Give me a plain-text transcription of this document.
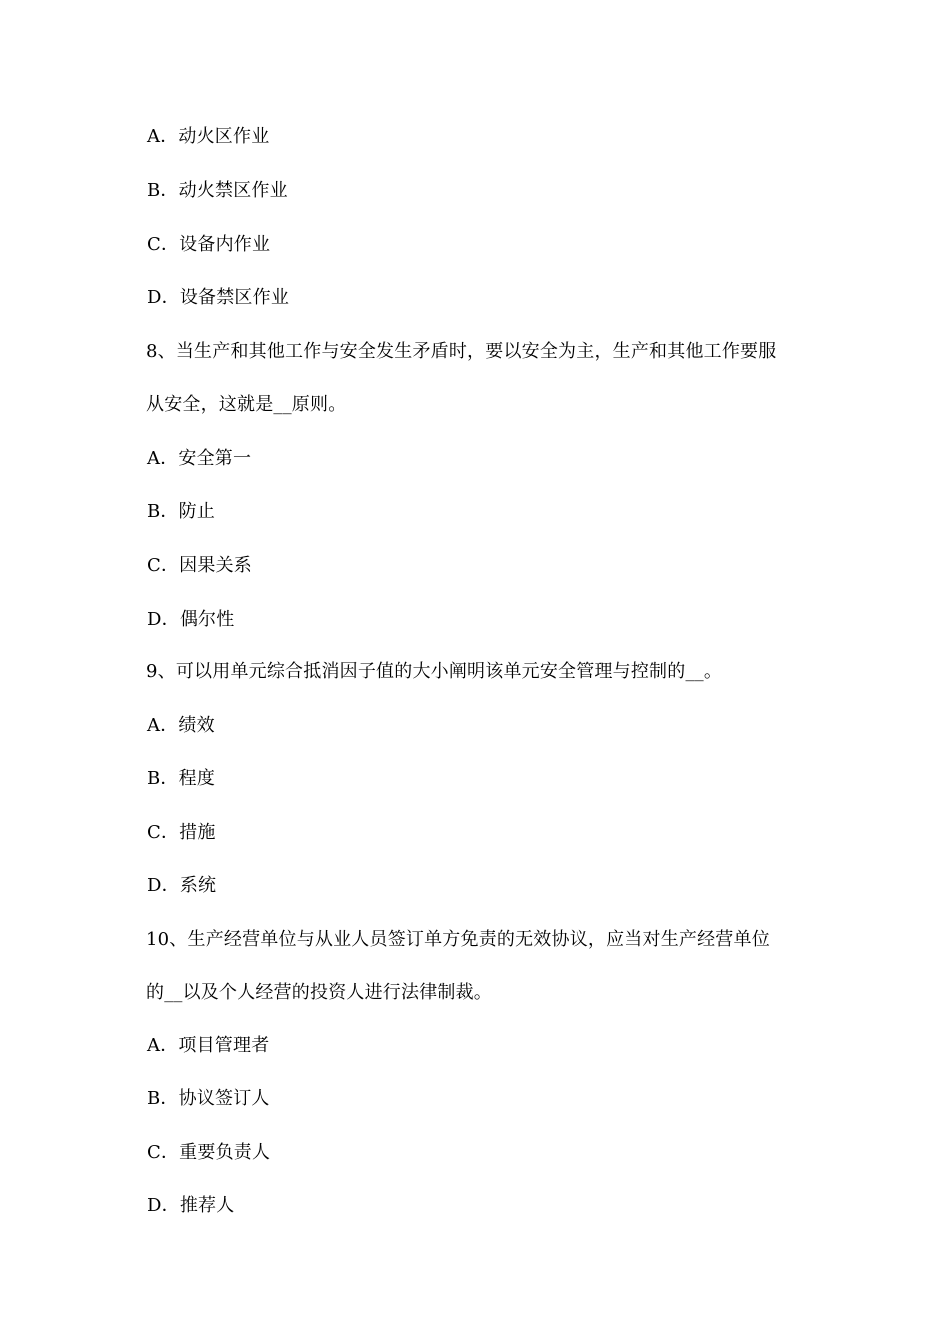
A．动火区作业
B．动火禁区作业
C．设备内作业
D．设备禁区作业
8、当生产和其他工作与安全发生矛盾时，要以安全为主，生产和其他工作要服
从安全，这就是__原则。
A．安全第一
B．防止
C．因果关系
D．偶尔性
9、可以用单元综合抵消因子值的大小阐明该单元安全管理与控制的__。
A．绩效
B．程度
C．措施
D．系统
10、生产经营单位与从业人员签订单方免责的无效协议，应当对生产经营单位
的__以及个人经营的投资人进行法律制裁。
A．项目管理者
B．协议签订人
C．重要负责人
D．推荐人
